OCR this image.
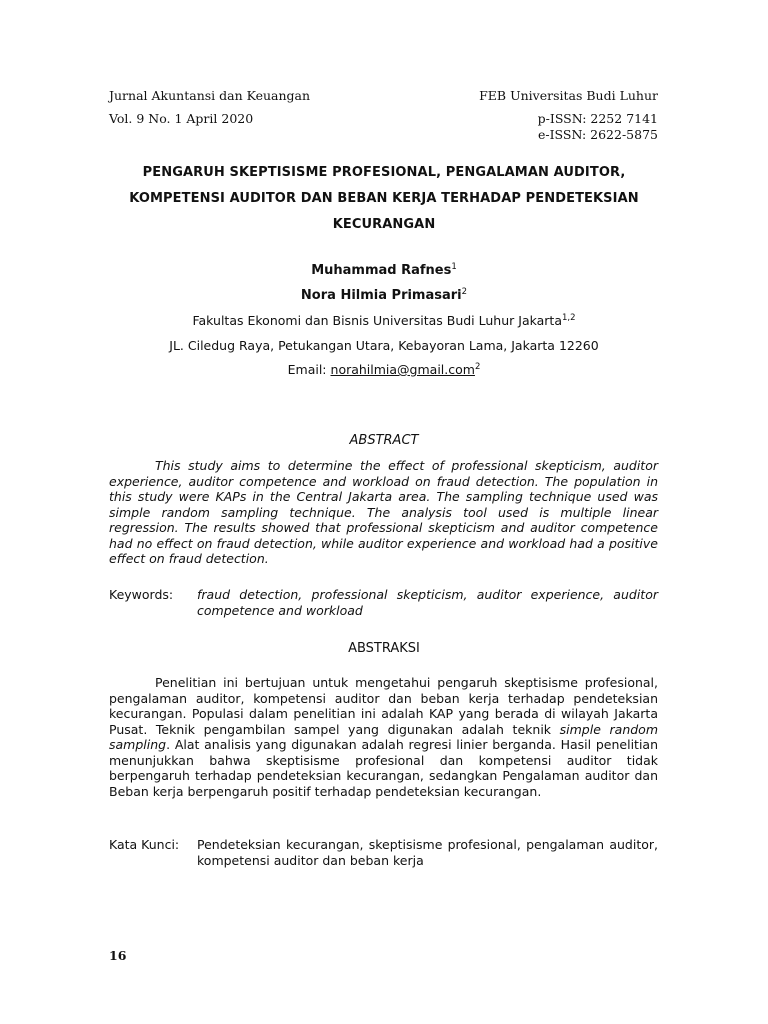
Jurnal Akuntansi dan Keuangan
Vol. 9 No. 1 April 2020
FEB Universitas Budi Luhur
p-ISSN: 2252 7141
e-ISSN: 2622-5875
PENGARUH SKEPTISISME PROFESIONAL, PENGALAMAN AUDITOR,
KOMPETENSI AUDITOR DAN BEBAN KERJA TERHADAP PENDETEKSIAN
KECURANGAN
Muhammad Rafnes$^1$
Nora Hilmia Primasari$^2$
Fakultas Ekonomi dan Bisnis Universitas Budi Luhur Jakarta$^{1,2}$
JL. Ciledug Raya, Petukangan Utara, Kebayoran Lama, Jakarta 12260
Email: norahilmia@gmail.com$^2$
ABSTRACT
This study aims to determine the effect of professional skepticism, auditor experience, auditor competence and workload on fraud detection. The population in this study were KAPs in the Central Jakarta area. The sampling technique used was simple random sampling technique. The analysis tool used is multiple linear regression. The results showed that professional skepticism and auditor competence had no effect on fraud detection, while auditor experience and workload had a positive effect on fraud detection.
Keywords: fraud detection, professional skepticism, auditor experience, auditor competence and workload
ABSTRAKSI
Penelitian ini bertujuan untuk mengetahui pengaruh skeptisisme profesional, pengalaman auditor, kompetensi auditor dan beban kerja terhadap pendeteksian kecurangan. Populasi dalam penelitian ini adalah KAP yang berada di wilayah Jakarta Pusat. Teknik pengambilan sampel yang digunakan adalah teknik simple random sampling. Alat analisis yang digunakan adalah regresi linier berganda. Hasil penelitian menunjukkan bahwa skeptisisme profesional dan kompetensi auditor tidak berpengaruh terhadap pendeteksian kecurangan, sedangkan Pengalaman auditor dan Beban kerja berpengaruh positif terhadap pendeteksian kecurangan.
Kata Kunci: Pendeteksian kecurangan, skeptisisme profesional, pengalaman auditor, kompetensi auditor dan beban kerja
16
